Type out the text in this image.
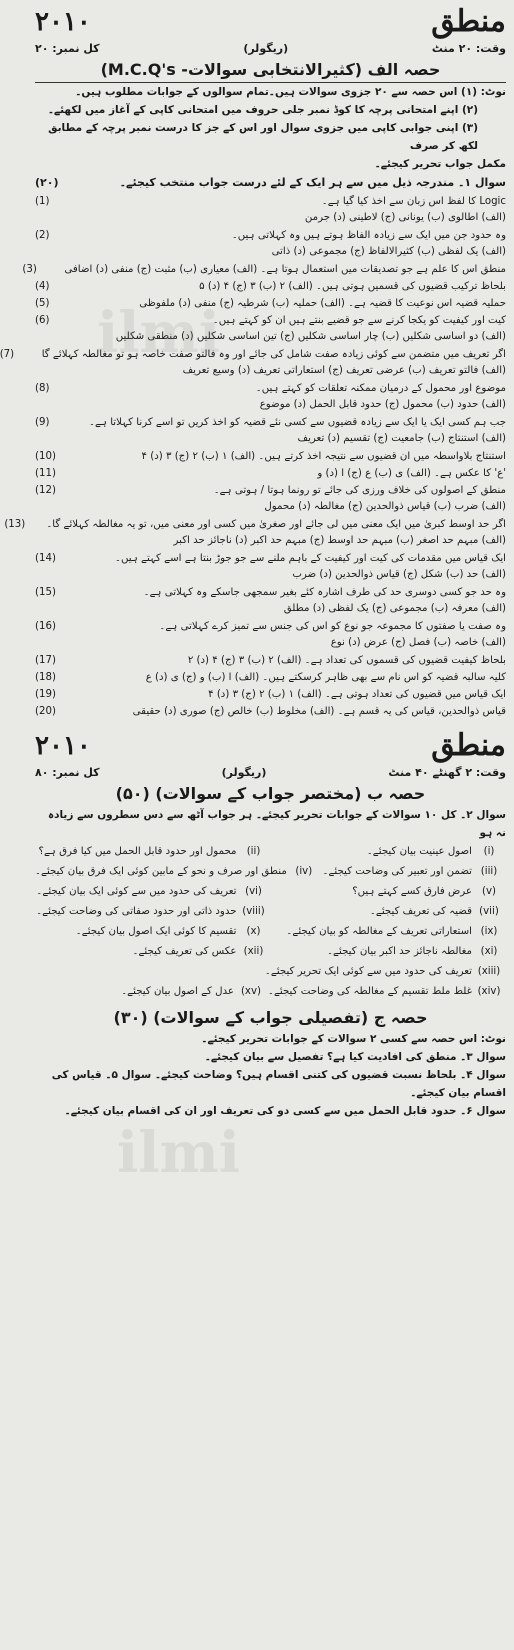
ilmi
ilmi
منطق
۲۰۱۰
وقت: ۲۰ منٹ
(ریگولر)
کل نمبر: ۲۰
حصہ الف (کثیرالانتخابی سوالات- M.C.Q's)
نوٹ: (۱) اس حصہ سے ۲۰ جزوی سوالات ہیں۔تمام سوالوں کے جوابات مطلوب ہیں۔
(۲) اپنے امتحانی پرچہ کا کوڈ نمبر جلی حروف میں امتحانی کاپی کے آغاز میں لکھئے۔
(۳) اپنی جوابی کاپی میں جزوی سوال اور اس کے جز کا درست نمبر پرچہ کے مطابق لکھ کر صرف
مکمل جواب تحریر کیجئے۔
سوال ۱۔ مندرجہ ذیل میں سے ہر ایک کے لئے درست جواب منتخب کیجئے۔
(۲۰)
Logic کا لفظ اس زبان سے اخذ کیا گیا ہے۔
(1)
(الف) اطالوی (ب) یونانی (ج) لاطینی (د) جرمن
وہ حدود جن میں ایک سے زیادہ الفاظ ہوتے ہیں وہ کہلاتی ہیں۔
(2)
(الف) یک لفظی (ب) کثیرالالفاظ (ج) مجموعی (د) ذاتی
منطق اس کا علم ہے جو تصدیقات میں استعمال ہوتا ہے۔ (الف) معیاری (ب) مثبت (ج) منفی (د) اضافی
(3)
بلحاظ ترکیب قضیوں کی قسمیں ہوتی ہیں۔ (الف) ۲ (ب) ۳ (ج) ۴ (د) ۵
(4)
حملیہ قضیہ اس نوعیت کا قضیہ ہے۔ (الف) حملیہ (ب) شرطیہ (ج) منفی (د) ملفوظی
(5)
کیت اور کیفیت کو یکجا کرنے سے جو قضیے بنتے ہیں ان کو کہتے ہیں۔
(6)
(الف) دو اساسی شکلیں (ب) چار اساسی شکلیں (ج) تین اساسی شکلیں (د) منطقی شکلیں
اگر تعریف میں متضمن سے کوئی زیادہ صفت شامل کی جائے اور وہ فالتو صفت خاصہ ہو تو مغالطہ کہلائے گا
(7)
(الف) فالتو تعریف (ب) عرضی تعریف (ج) استعاراتی تعریف (د) وسیع تعریف
موضوع اور محمول کے درمیان ممکنہ تعلقات کو کہتے ہیں۔
(8)
(الف) حدود (ب) محمول (ج) حدود قابل الحمل (د) موضوع
جب ہم کسی ایک یا ایک سے زیادہ قضیوں سے کسی نئے قضیہ کو اخذ کریں تو اسے کرنا کہلاتا ہے۔
(9)
(الف) استنتاج (ب) جامعیت (ج) تقسیم (د) تعریف
استنتاج بلاواسطہ میں ان قضیوں سے نتیجہ اخذ کرتے ہیں۔ (الف) ۱ (ب) ۲ (ج) ۳ (د) ۴
(10)
'ع' کا عکس ہے۔ (الف) ی (ب) ع (ج) ا (د) و
(11)
منطق کے اصولوں کی خلاف ورزی کی جائے تو رونما ہوتا / ہوتی ہے۔
(12)
(الف) ضرب (ب) قیاس ذوالحدین (ج) مغالطہ (د) محمول
اگر حد اوسط کبریٰ میں ایک معنی میں لی جائے اور صغریٰ میں کسی اور معنی میں، تو یہ مغالطہ کہلائے گا۔
(13)
(الف) مبہم حد اصغر (ب) مبہم حد اوسط (ج) مبہم حد اکبر (د) ناجائز حد اکبر
ایک قیاس میں مقدمات کی کیت اور کیفیت کے باہم ملنے سے جو جوڑ بنتا ہے اسے کہتے ہیں۔
(14)
(الف) حد (ب) شکل (ج) قیاس ذوالحدین (د) ضرب
وہ حد جو کسی دوسری حد کی طرف اشارہ کئے بغیر سمجھی جاسکے وہ کہلاتی ہے۔
(15)
(الف) معرفہ (ب) مجموعی (ج) یک لفظی (د) مطلق
وہ صفت یا صفتوں کا مجموعہ جو نوع کو اس کی جنس سے تمیز کرے کہلاتی ہے۔
(16)
(الف) خاصہ (ب) فصل (ج) عرض (د) نوع
بلحاظ کیفیت قضیوں کی قسموں کی تعداد ہے۔ (الف) ۲ (ب) ۳ (ج) ۴ (د) ۲
(17)
کلیہ سالبہ قضیہ کو اس نام سے بھی ظاہر کرسکتے ہیں۔ (الف) ا (ب) و (ج) ی (د) ع
(18)
ایک قیاس میں قضیوں کی تعداد ہوتی ہے۔ (الف) ۱ (ب) ۲ (ج) ۳ (د) ۴
(19)
قیاس ذوالحدین، قیاس کی یہ قسم ہے۔ (الف) مخلوط (ب) خالص (ج) صوری (د) حقیقی
(20)
منطق
۲۰۱۰
وقت: ۲ گھنٹے ۴۰ منٹ
(ریگولر)
کل نمبر: ۸۰
حصہ ب (مختصر جواب کے سوالات) (۵۰)
سوال ۲۔ کل ۱۰ سوالات کے جوابات تحریر کیجئے۔ ہر جواب آٹھ سے دس سطروں سے زیادہ نہ ہو
(i)
اصول عینیت بیان کیجئے۔
(ii)
محمول اور حدود قابل الحمل میں کیا فرق ہے؟
(iii)
تضمن اور تعبیر کی وضاحت کیجئے۔
(iv)
منطق اور صرف و نحو کے مابین کوئی ایک فرق بیان کیجئے۔
(v)
عرض فارق کسے کہتے ہیں؟
(vi)
تعریف کی حدود میں سے کوئی ایک بیان کیجئے۔
(vii)
قضیہ کی تعریف کیجئے۔
(viii)
حدود ذاتی اور حدود صفاتی کی وضاحت کیجئے۔
(ix)
استعاراتی تعریف کے مغالطہ کو بیان کیجئے۔
(x)
تقسیم کا کوئی ایک اصول بیان کیجئے۔
(xi)
مغالطہ ناجائز حد اکبر بیان کیجئے۔
(xii)
عکس کی تعریف کیجئے۔
(xiii)
تعریف کی حدود میں سے کوئی ایک تحریر کیجئے۔
(xiv)
غلط ملط تقسیم کے مغالطہ کی وضاحت کیجئے۔
(xv)
عدل کے اصول بیان کیجئے۔
حصہ ج (تفصیلی جواب کے سوالات) (۳۰)
نوٹ: اس حصہ سے کسی ۲ سوالات کے جوابات تحریر کیجئے۔
سوال ۳۔ منطق کی افادیت کیا ہے؟ تفصیل سے بیان کیجئے۔
سوال ۴۔ بلحاظ نسبت قضیوں کی کتنی اقسام ہیں؟ وضاحت کیجئے۔ سوال ۵۔ قیاس کی اقسام بیان کیجئے۔
سوال ۶۔ حدود قابل الحمل میں سے کسی دو کی تعریف اور ان کی اقسام بیان کیجئے۔
